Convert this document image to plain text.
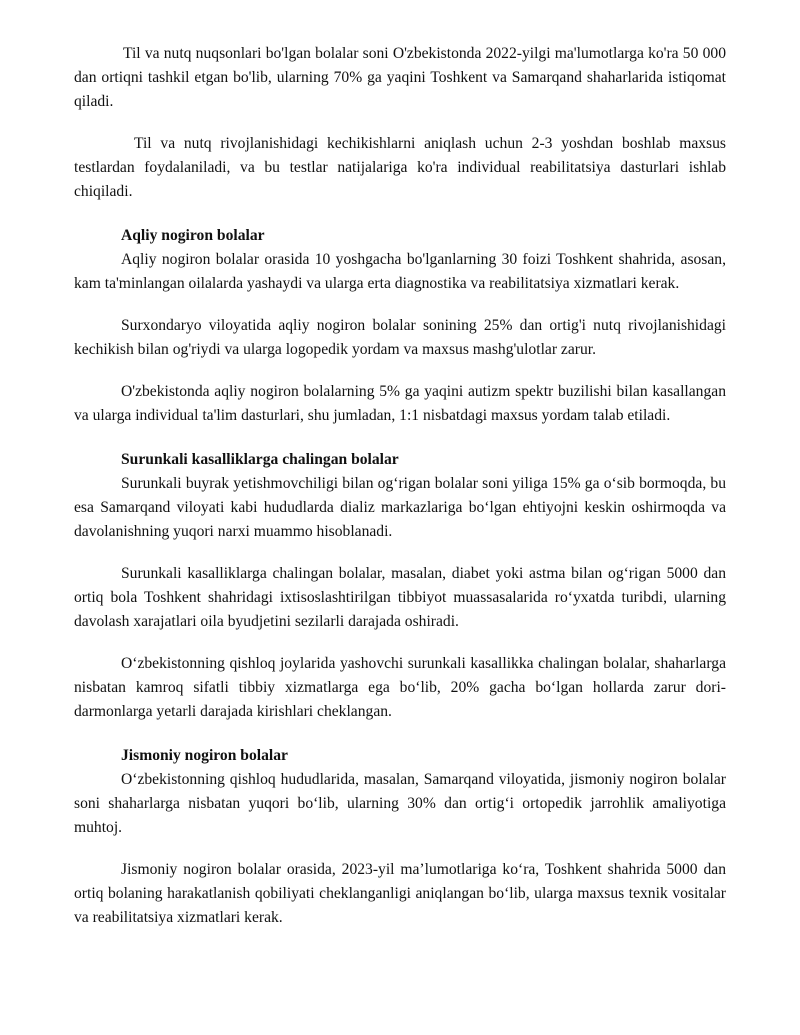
Til va nutq nuqsonlari bo'lgan bolalar soni O'zbekistonda 2022-yilgi ma'lumotlarga ko'ra 50 000 dan ortiqni tashkil etgan bo'lib, ularning 70% ga yaqini Toshkent va Samarqand shaharlarida istiqomat qiladi.

Til va nutq rivojlanishidagi kechikishlarni aniqlash uchun 2-3 yoshdan boshlab maxsus testlardan foydalaniladi, va bu testlar natijalariga ko'ra individual reabilitatsiya dasturlari ishlab chiqiladi.

Aqliy nogiron bolalar

Aqliy nogiron bolalar orasida 10 yoshgacha bo'lganlarning 30 foizi Toshkent shahrida, asosan, kam ta'minlangan oilalarda yashaydi va ularga erta diagnostika va reabilitatsiya xizmatlari kerak.

Surxondaryo viloyatida aqliy nogiron bolalar sonining 25% dan ortig'i nutq rivojlanishidagi kechikish bilan og'riydi va ularga logopedik yordam va maxsus mashg'ulotlar zarur.

O'zbekistonda aqliy nogiron bolalarning 5% ga yaqini autizm spektr buzilishi bilan kasallangan va ularga individual ta'lim dasturlari, shu jumladan, 1:1 nisbatdagi maxsus yordam talab etiladi.

Surunkali kasalliklarga chalingan bolalar

Surunkali buyrak yetishmovchiligi bilan og‘rigan bolalar soni yiliga 15% ga o‘sib bormoqda, bu esa Samarqand viloyati kabi hududlarda dializ markazlariga bo‘lgan ehtiyojni keskin oshirmoqda va davolanishning yuqori narxi muammo hisoblanadi.

Surunkali kasalliklarga chalingan bolalar, masalan, diabet yoki astma bilan og‘rigan 5000 dan ortiq bola Toshkent shahridagi ixtisoslashtirilgan tibbiyot muassasalarida ro‘yxatda turibdi, ularning davolash xarajatlari oila byudjetini sezilarli darajada oshiradi.

O‘zbekistonning qishloq joylarida yashovchi surunkali kasallikka chalingan bolalar, shaharlarga nisbatan kamroq sifatli tibbiy xizmatlarga ega bo‘lib, 20% gacha bo‘lgan hollarda zarur dori-darmonlarga yetarli darajada kirishlari cheklangan.

Jismoniy nogiron bolalar

O‘zbekistonning qishloq hududlarida, masalan, Samarqand viloyatida, jismoniy nogiron bolalar soni shaharlarga nisbatan yuqori bo‘lib, ularning 30% dan ortig‘i ortopedik jarrohlik amaliyotiga muhtoj.

Jismoniy nogiron bolalar orasida, 2023-yil ma’lumotlariga ko‘ra, Toshkent shahrida 5000 dan ortiq bolaning harakatlanish qobiliyati cheklanganligi aniqlangan bo‘lib, ularga maxsus texnik vositalar va reabilitatsiya xizmatlari kerak.
